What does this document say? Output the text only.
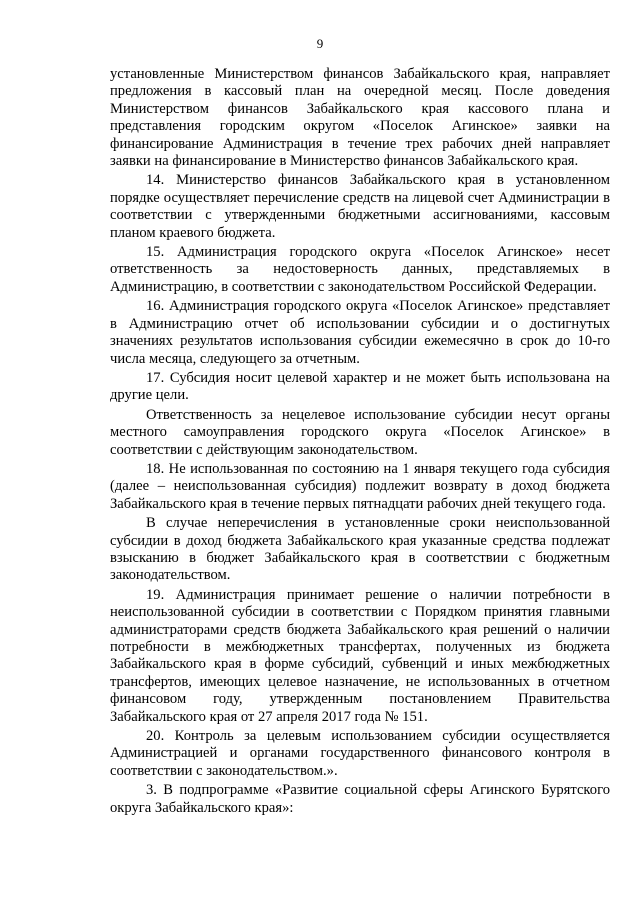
9

установленные Министерством финансов Забайкальского края, направляет предложения в кассовый план на очередной месяц. После доведения Министерством финансов Забайкальского края кассового плана и представления городским округом «Поселок Агинское» заявки на финансирование Администрация в течение трех рабочих дней направляет заявки на финансирование в Министерство финансов Забайкальского края.

14. Министерство финансов Забайкальского края в установленном порядке осуществляет перечисление средств на лицевой счет Администрации в соответствии с утвержденными бюджетными ассигнованиями, кассовым планом краевого бюджета.

15. Администрация городского округа «Поселок Агинское» несет ответственность за недостоверность данных, представляемых в Администрацию, в соответствии с законодательством Российской Федерации.

16. Администрация городского округа «Поселок Агинское» представляет в Администрацию отчет об использовании субсидии и о достигнутых значениях результатов использования субсидии ежемесячно в срок до 10-го числа месяца, следующего за отчетным.

17. Субсидия носит целевой характер и не может быть использована на другие цели.

Ответственность за нецелевое использование субсидии несут органы местного самоуправления городского округа «Поселок Агинское» в соответствии с действующим законодательством.

18. Не использованная по состоянию на 1 января текущего года субсидия (далее – неиспользованная субсидия) подлежит возврату в доход бюджета Забайкальского края в течение первых пятнадцати рабочих дней текущего года.

В случае неперечисления в установленные сроки неиспользованной субсидии в доход бюджета Забайкальского края указанные средства подлежат взысканию в бюджет Забайкальского края в соответствии с бюджетным законодательством.

19. Администрация принимает решение о наличии потребности в неиспользованной субсидии в соответствии с Порядком принятия главными администраторами средств бюджета Забайкальского края решений о наличии потребности в межбюджетных трансфертах, полученных из бюджета Забайкальского края в форме субсидий, субвенций и иных межбюджетных трансфертов, имеющих целевое назначение, не использованных в отчетном финансовом году, утвержденным постановлением Правительства Забайкальского края от 27 апреля 2017 года № 151.

20. Контроль за целевым использованием субсидии осуществляется Администрацией и органами государственного финансового контроля в соответствии с законодательством.».

3. В подпрограмме «Развитие социальной сферы Агинского Бурятского округа Забайкальского края»:
